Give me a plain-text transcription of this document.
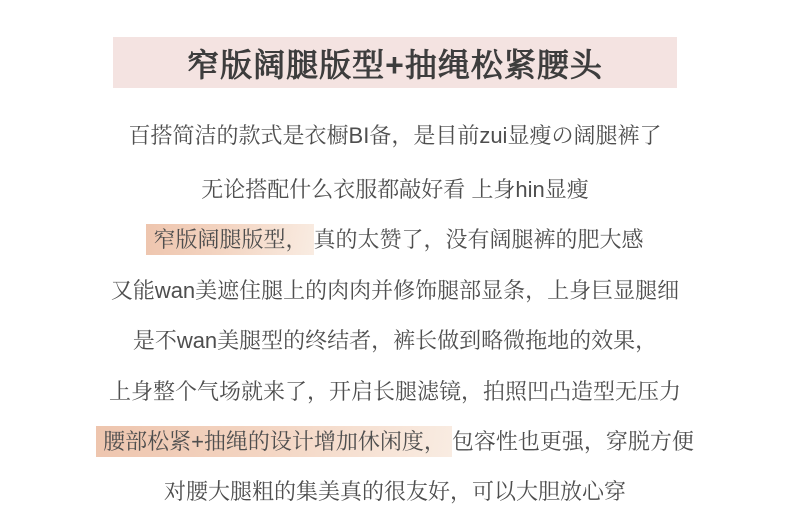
窄版阔腿版型+抽绳松紧腰头
百搭简洁的款式是衣橱BI备，是目前zui显瘦の阔腿裤了
无论搭配什么衣服都敲好看 上身hin显瘦
窄版阔腿版型， 真的太赞了，没有阔腿裤的肥大感
又能wan美遮住腿上的肉肉并修饰腿部显条，上身巨显腿细
是不wan美腿型的终结者，裤长做到略微拖地的效果，
上身整个气场就来了，开启长腿滤镜，拍照凹凸造型无压力
腰部松紧+抽绳的设计增加休闲度， 包容性也更强，穿脱方便
对腰大腿粗的集美真的很友好，可以大胆放心穿
